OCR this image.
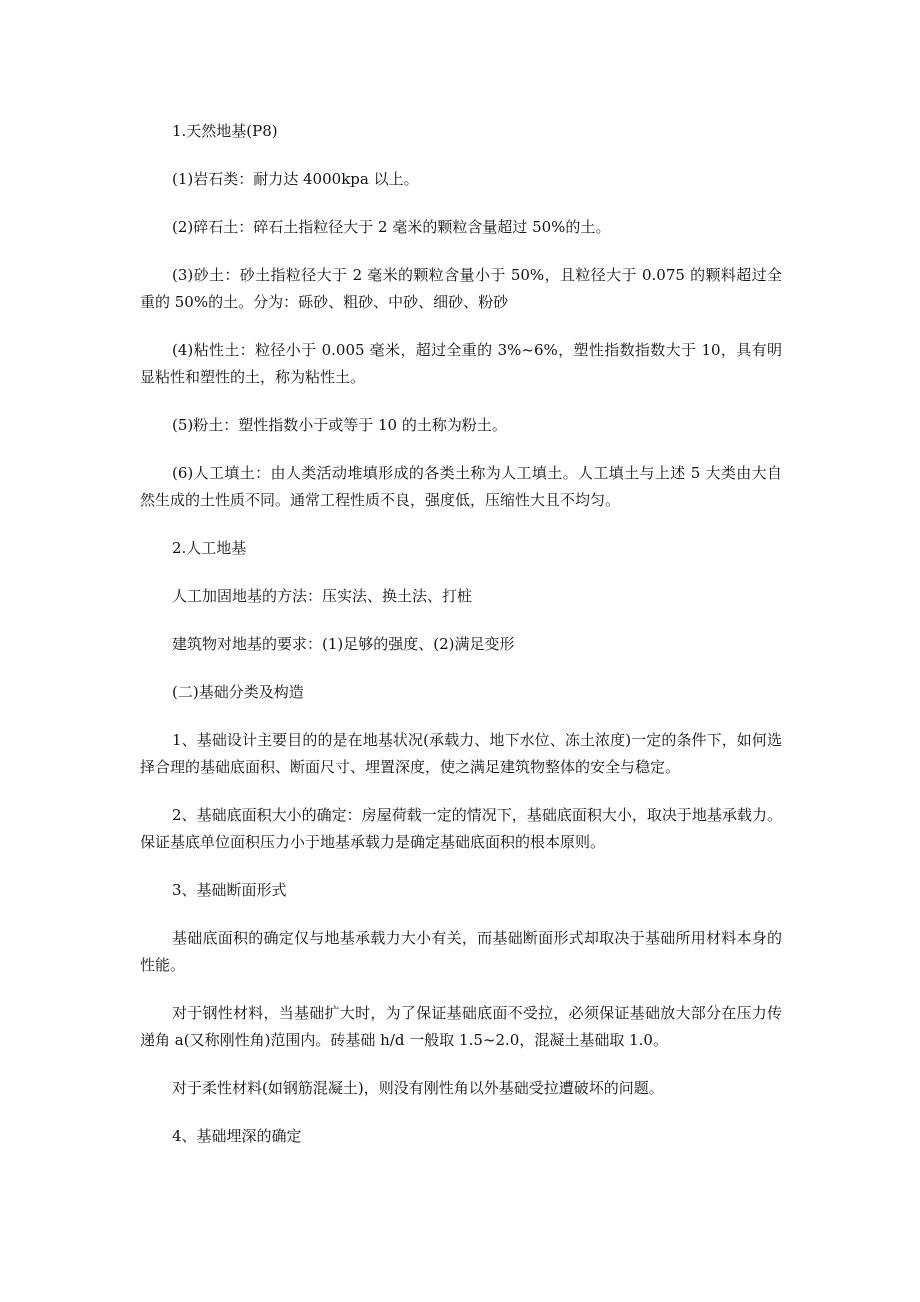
1.天然地基(P8)

(1)岩石类：耐力达 4000kpa 以上。

(2)碎石土：碎石土指粒径大于 2 毫米的颗粒含量超过 50%的土。

(3)砂土：砂土指粒径大于 2 毫米的颗粒含量小于 50%，且粒径大于 0.075 的颗料超过全重的 50%的土。分为：砾砂、粗砂、中砂、细砂、粉砂

(4)粘性土：粒径小于 0.005 毫米，超过全重的 3%~6%，塑性指数指数大于 10，具有明显粘性和塑性的土，称为粘性土。

(5)粉土：塑性指数小于或等于 10 的土称为粉土。

(6)人工填土：由人类活动堆填形成的各类土称为人工填土。人工填土与上述 5 大类由大自然生成的土性质不同。通常工程性质不良，强度低，压缩性大且不均匀。

2.人工地基

人工加固地基的方法：压实法、换土法、打桩

建筑物对地基的要求：(1)足够的强度、(2)满足变形

(二)基础分类及构造

1、基础设计主要目的的是在地基状况(承载力、地下水位、冻土浓度)一定的条件下，如何选择合理的基础底面积、断面尺寸、埋置深度，使之满足建筑物整体的安全与稳定。

2、基础底面积大小的确定：房屋荷载一定的情况下，基础底面积大小，取决于地基承载力。保证基底单位面积压力小于地基承载力是确定基础底面积的根本原则。

3、基础断面形式

基础底面积的确定仅与地基承载力大小有关，而基础断面形式却取决于基础所用材料本身的性能。

对于钢性材料，当基础扩大时，为了保证基础底面不受拉，必须保证基础放大部分在压力传递角 a(又称刚性角)范围内。砖基础 h/d 一般取 1.5~2.0，混凝土基础取 1.0。

对于柔性材料(如钢筋混凝土)，则没有刚性角以外基础受拉遭破坏的问题。

4、基础埋深的确定
